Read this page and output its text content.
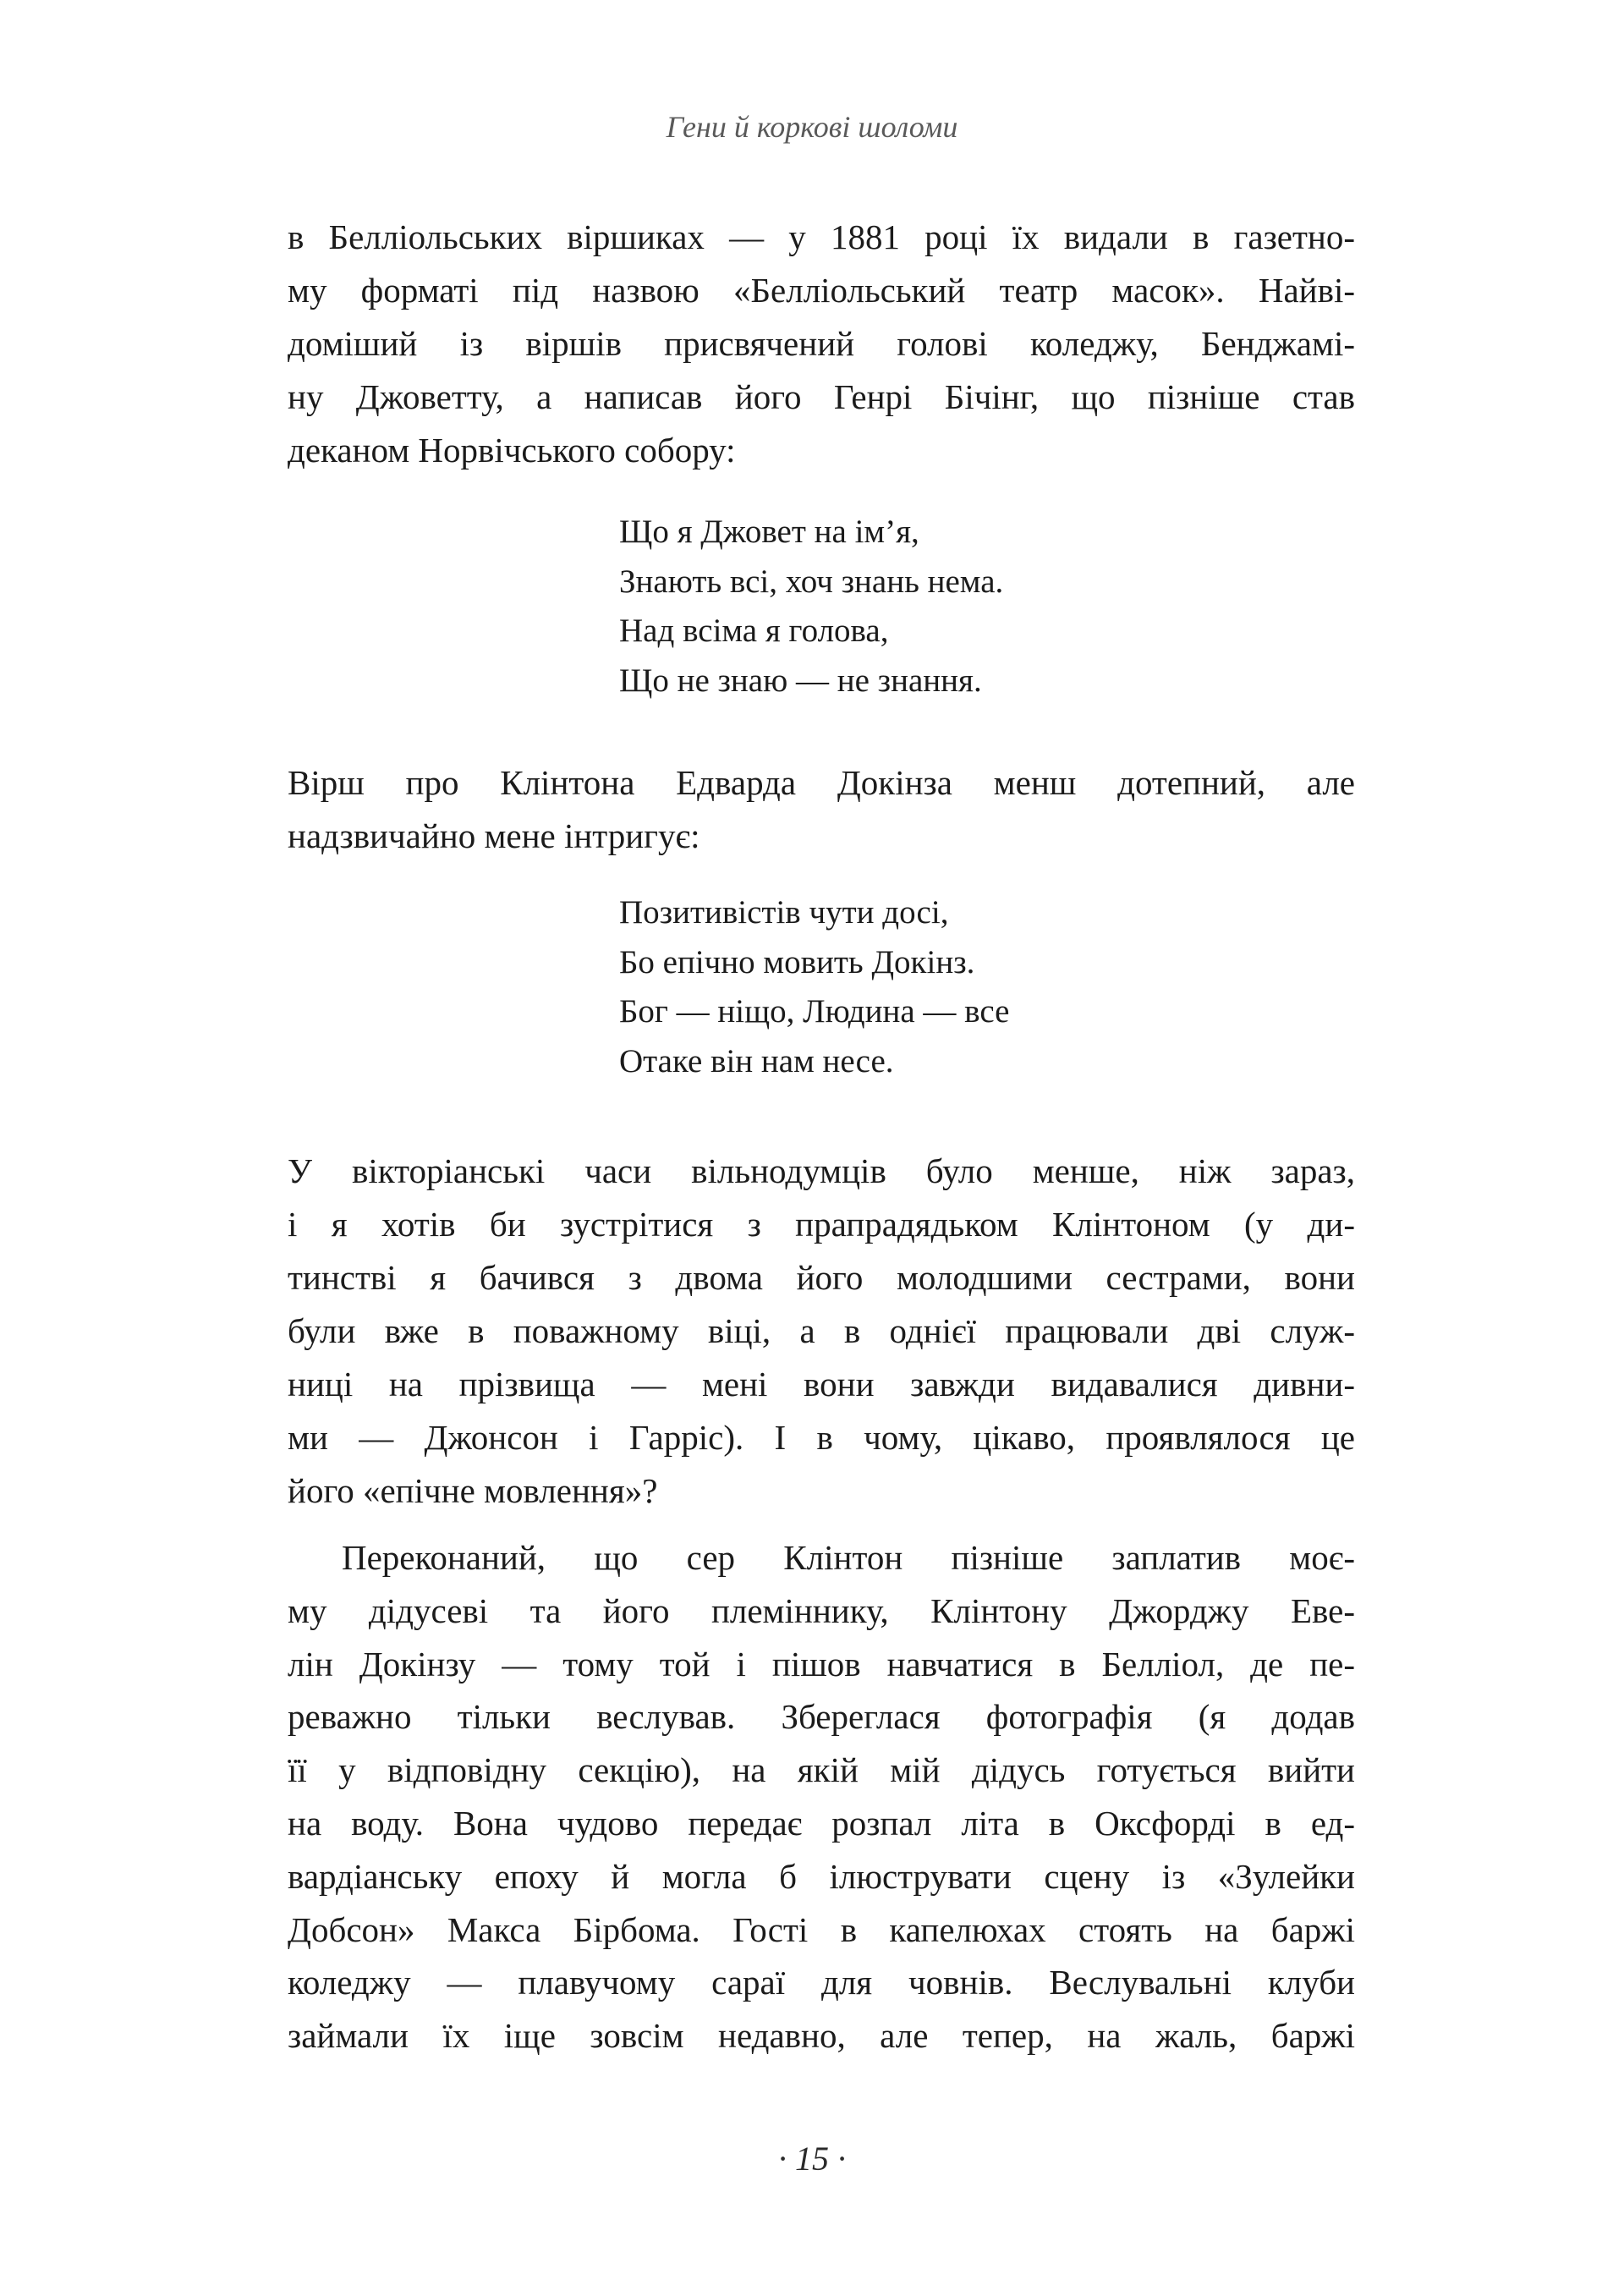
Гени й коркові шоломи
в Белліольських віршиках — у 1881 році їх видали в газетно-
му форматі під назвою «Белліольський театр масок». Найві-
доміший із віршів присвячений голові коледжу, Бенджамі-
ну Джоветту, а написав його Генрі Бічінг, що пізніше став
деканом Норвічського собору:
Що я Джовет на ім’я,
Знають всі, хоч знань нема.
Над всіма я голова,
Що не знаю — не знання.
Вірш про Клінтона Едварда Докінза менш дотепний, але
надзвичайно мене інтригує:
Позитивістів чути досі,
Бо епічно мовить Докінз.
Бог — ніщо, Людина — все
Отаке він нам несе.
У вікторіанські часи вільнодумців було менше, ніж зараз,
і я хотів би зустрітися з прапрадядьком Клінтоном (у ди-
тинстві я бачився з двома його молодшими сестрами, вони
були вже в поважному віці, а в однієї працювали дві служ-
ниці на прізвища — мені вони завжди видавалися дивни-
ми — Джонсон і Гарріс). І в чому, цікаво, проявлялося це
його «епічне мовлення»?
Переконаний, що сер Клінтон пізніше заплатив моє-
му дідусеві та його племіннику, Клінтону Джорджу Еве-
лін Докінзу — тому той і пішов навчатися в Белліол, де пе-
реважно тільки веслував. Збереглася фотографія (я додав
її у відповідну секцію), на якій мій дідусь готується вийти
на воду. Вона чудово передає розпал літа в Оксфорді в ед-
вардіанську епоху й могла б ілюструвати сцену із «Зулейки
Добсон» Макса Бірбома. Гості в капелюхах стоять на баржі
коледжу — плавучому сараї для човнів. Веслувальні клуби
займали їх іще зовсім недавно, але тепер, на жаль, баржі
· 15 ·
